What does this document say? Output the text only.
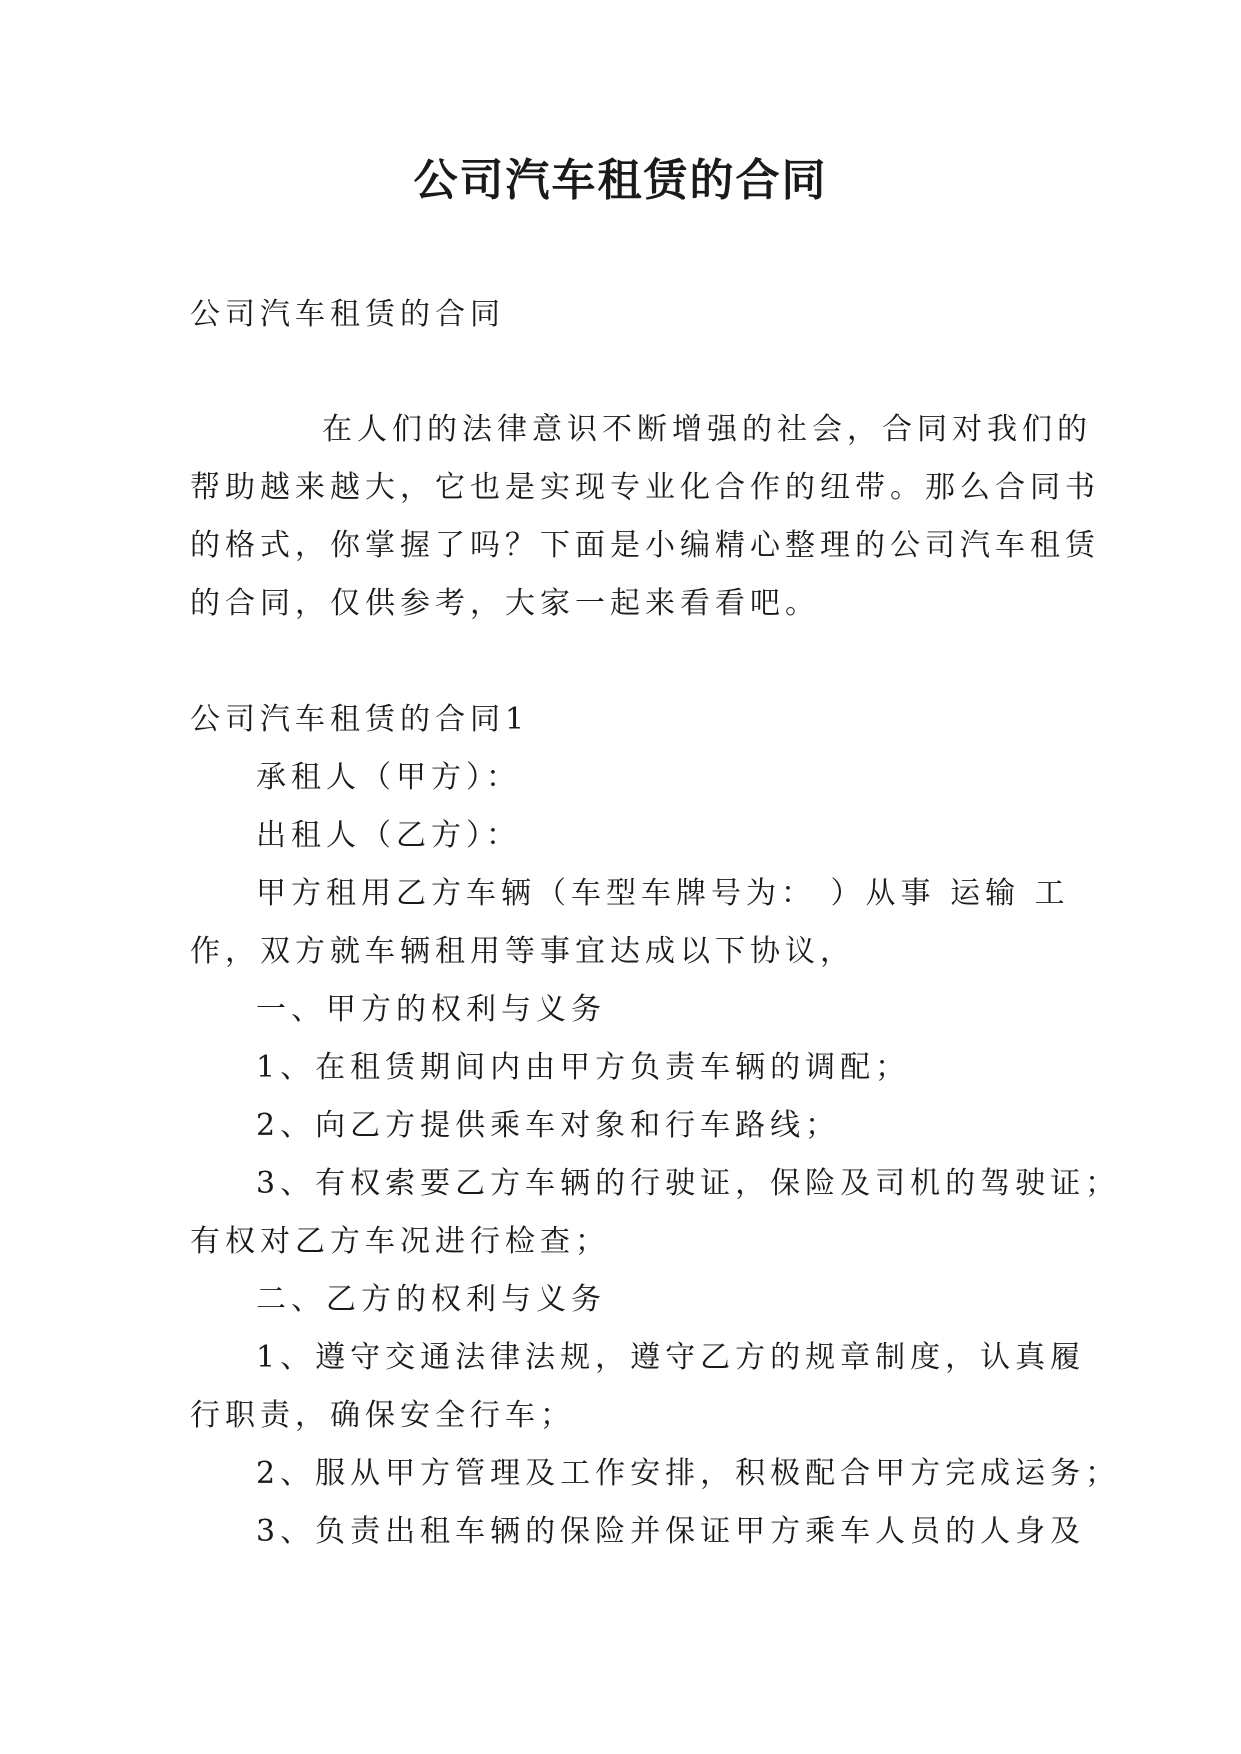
公司汽车租赁的合同
公司汽车租赁的合同
在人们的法律意识不断增强的社会，合同对我们的
帮助越来越大，它也是实现专业化合作的纽带。那么合同书
的格式，你掌握了吗？下面是小编精心整理的公司汽车租赁
的合同，仅供参考，大家一起来看看吧。
公司汽车租赁的合同1
承租人（甲方）：
出租人（乙方）：
甲方租用乙方车辆（车型车牌号为： ）从事 运输 工
作，双方就车辆租用等事宜达成以下协议，
一、甲方的权利与义务
1、在租赁期间内由甲方负责车辆的调配；
2、向乙方提供乘车对象和行车路线；
3、有权索要乙方车辆的行驶证，保险及司机的驾驶证；
有权对乙方车况进行检查；
二、乙方的权利与义务
1、遵守交通法律法规，遵守乙方的规章制度，认真履
行职责，确保安全行车；
2、服从甲方管理及工作安排，积极配合甲方完成运务；
3、负责出租车辆的保险并保证甲方乘车人员的人身及
